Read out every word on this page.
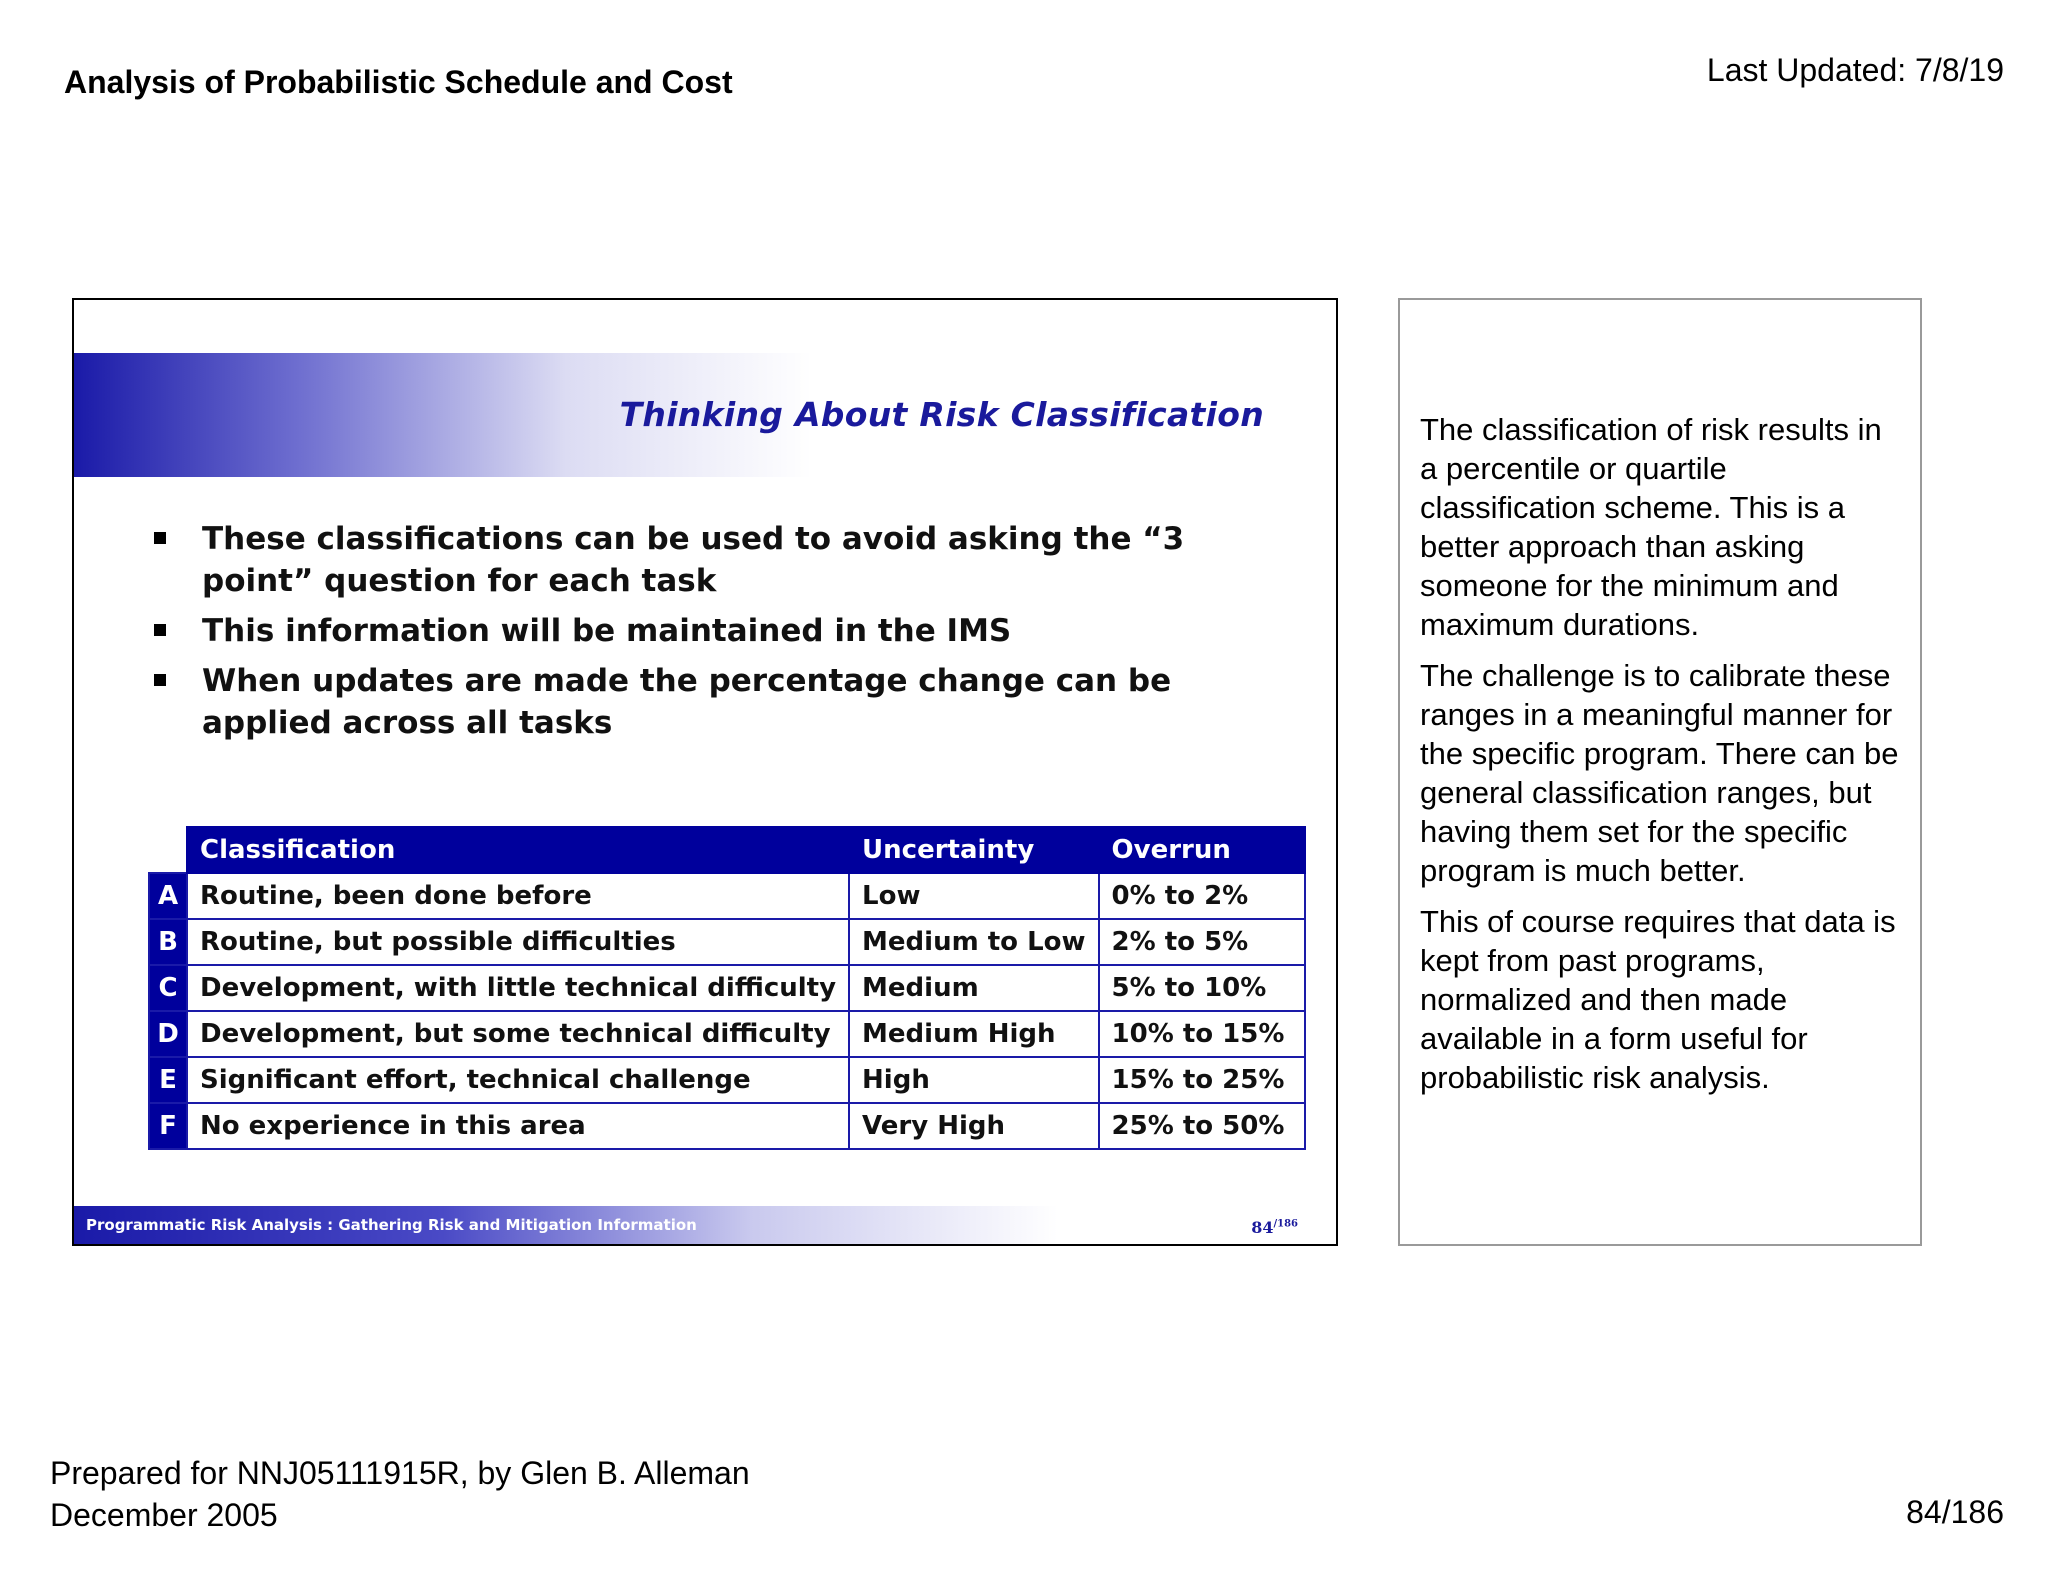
Analysis of Probabilistic Schedule and Cost	Last Updated: 7/8/19
Thinking About Risk Classification
These classifications can be used to avoid asking the “3 point” question for each task
This information will be maintained in the IMS
When updates are made the percentage change can be applied across all tasks
	Classification	Uncertainty	Overrun
A	Routine, been done before	Low	0% to 2%
B	Routine, but possible difficulties	Medium to Low	2% to 5%
C	Development, with little technical difficulty	Medium	5% to 10%
D	Development, but some technical difficulty	Medium High	10% to 15%
E	Significant effort, technical challenge	High	15% to 25%
F	No experience in this area	Very High	25% to 50%
Programmatic Risk Analysis : Gathering Risk and Mitigation Information	$84^{/186}$

The classification of risk results in a percentile or quartile classification scheme. This is a better approach than asking someone for the minimum and maximum durations.

The challenge is to calibrate these ranges in a meaningful manner for the specific program. There can be general classification ranges, but having them set for the specific program is much better.

This of course requires that data is kept from past programs, normalized and then made available in a form useful for probabilistic risk analysis.

Prepared for NNJ05111915R, by Glen B. Alleman
December 2005	84/186
